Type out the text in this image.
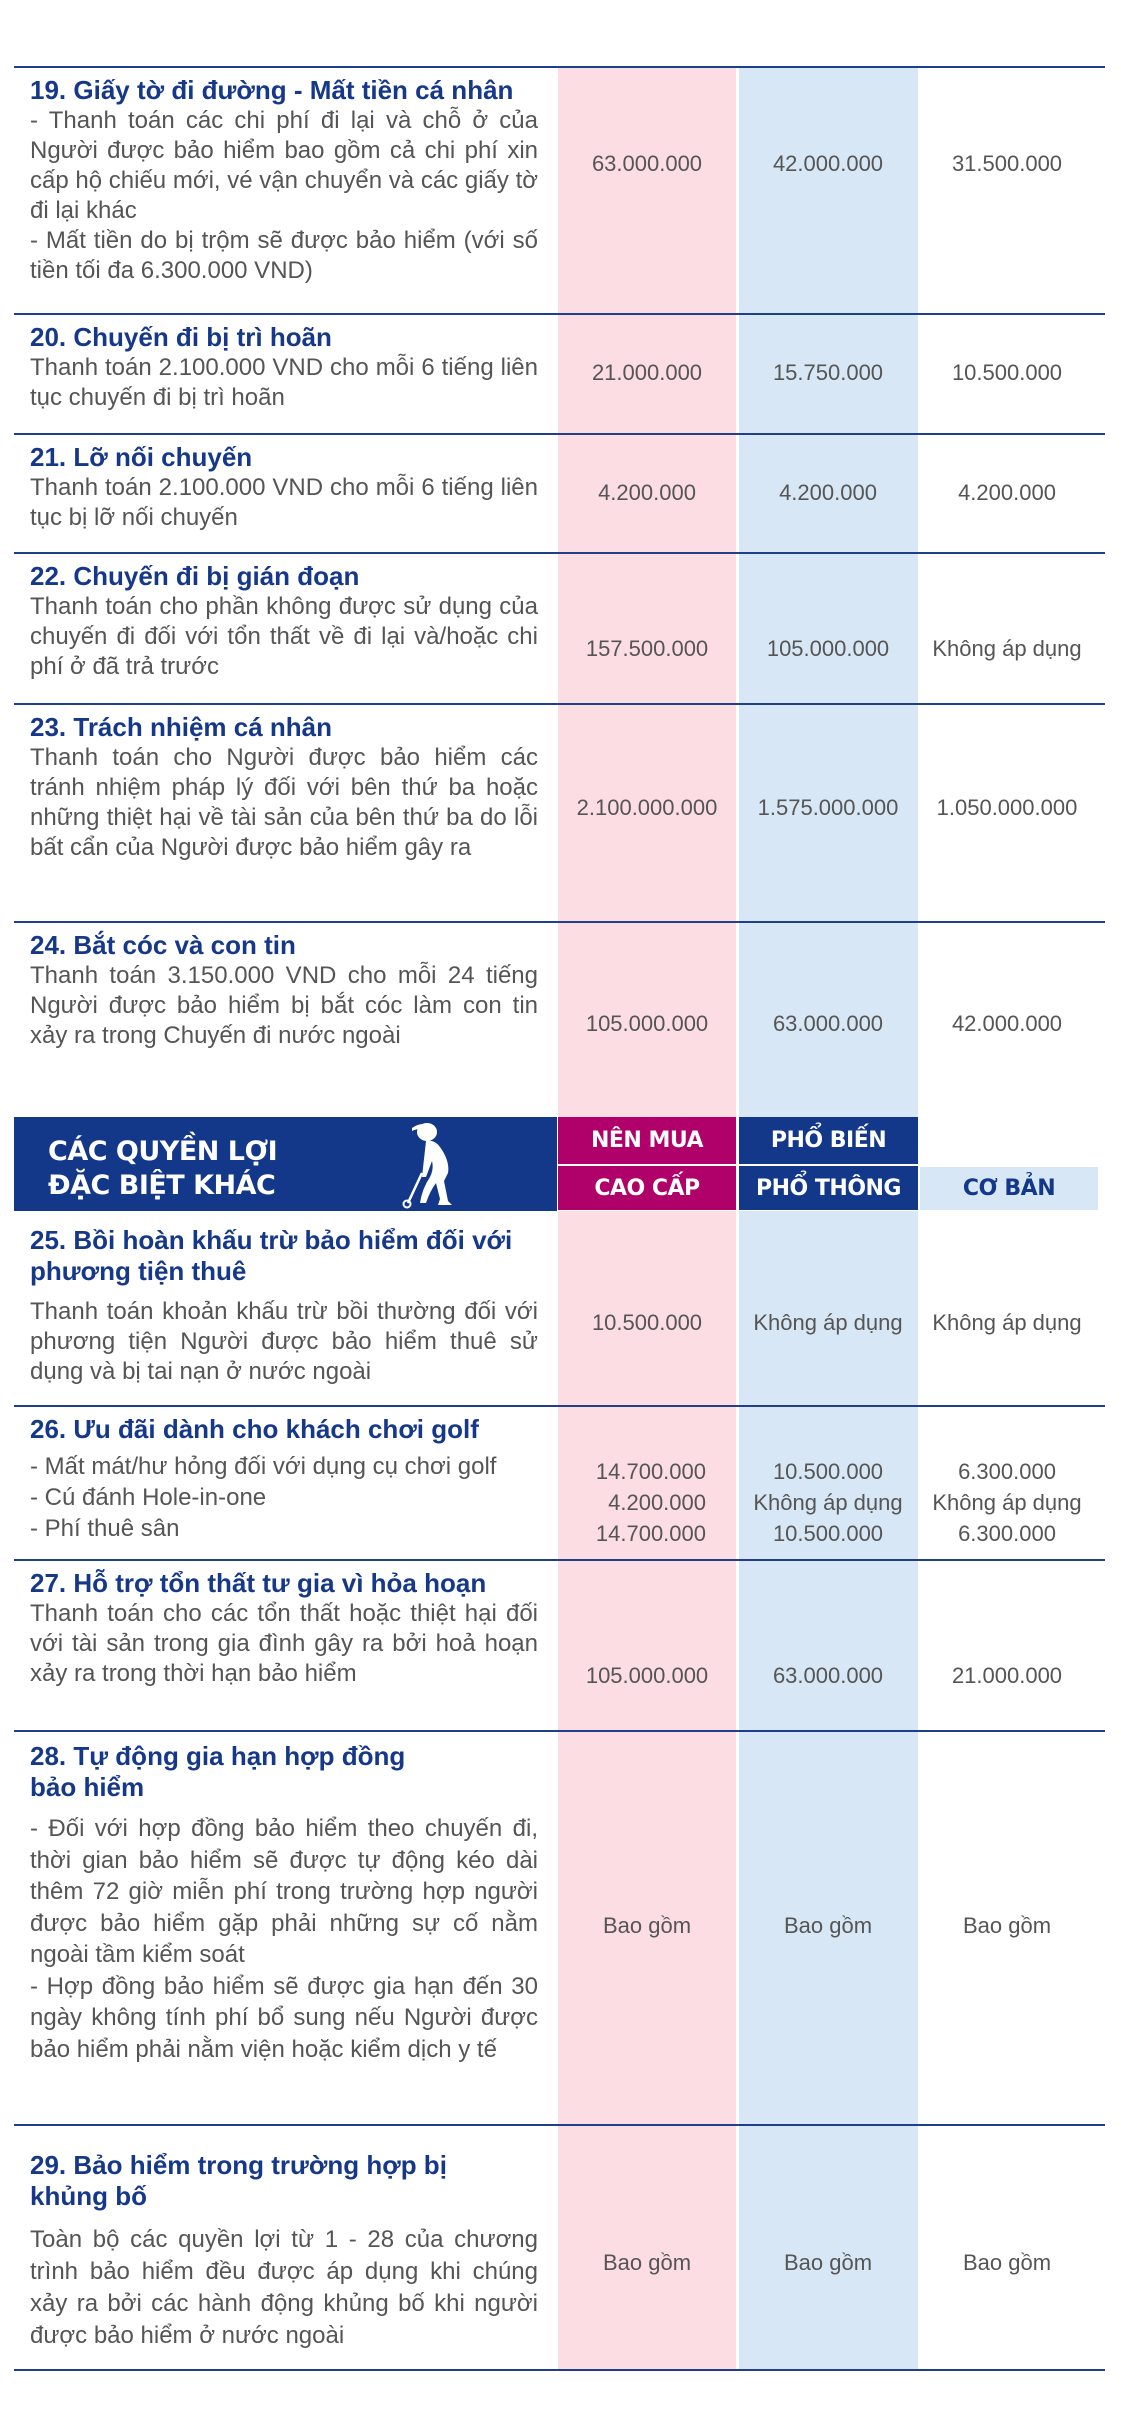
19. Giấy tờ đi đường - Mất tiền cá nhân

- Thanh toán các chi phí đi lại và chỗ ở của Người được bảo hiểm bao gồm cả chi phí xin cấp hộ chiếu mới, vé vận chuyển và các giấy tờ đi lại khác

- Mất tiền do bị trộm sẽ được bảo hiểm (với số tiền tối đa 6.300.000 VND)

63.000.000	42.000.000	31.500.000
20. Chuyến đi bị trì hoãn

Thanh toán 2.100.000 VND cho mỗi 6 tiếng liên tục chuyến đi bị trì hoãn

21.000.000	15.750.000	10.500.000
21. Lỡ nối chuyến

Thanh toán 2.100.000 VND cho mỗi 6 tiếng liên tục bị lỡ nối chuyến

4.200.000	4.200.000	4.200.000
22. Chuyến đi bị gián đoạn

Thanh toán cho phần không được sử dụng của chuyến đi đối với tổn thất về đi lại và/hoặc chi phí ở đã trả trước

157.500.000	105.000.000	Không áp dụng
23. Trách nhiệm cá nhân

Thanh toán cho Người được bảo hiểm các tránh nhiệm pháp lý đối với bên thứ ba hoặc những thiệt hại về tài sản của bên thứ ba do lỗi bất cẩn của Người được bảo hiểm gây ra

2.100.000.000	1.575.000.000	1.050.000.000
24. Bắt cóc và con tin

Thanh toán 3.150.000 VND cho mỗi 24 tiếng Người được bảo hiểm bị bắt cóc làm con tin xảy ra trong Chuyến đi nước ngoài	105.000.000	63.000.000	42.000.000
CÁC QUYỀN LỢI
ĐẶC BIỆT KHÁC
NÊN MUA	PHỔ BIẾN
CAO CẤP	PHỔ THÔNG	CƠ BẢN
25. Bồi hoàn khấu trừ bảo hiểm đối với phương tiện thuê

Thanh toán khoản khấu trừ bồi thường đối với phương tiện Người được bảo hiểm thuê sử dụng và bị tai nạn ở nước ngoài

10.500.000	Không áp dụng	Không áp dụng
26. Ưu đãi dành cho khách chơi golf

- Mất mát/hư hỏng đối với dụng cụ chơi golf

- Cú đánh Hole-in-one

- Phí thuê sân

14.700.000	10.500.000	6.300.000
4.200.000	Không áp dụng	Không áp dụng
14.700.000	10.500.000	6.300.000
27. Hỗ trợ tổn thất tư gia vì hỏa hoạn

Thanh toán cho các tổn thất hoặc thiệt hại đối với tài sản trong gia đình gây ra bởi hoả hoạn xảy ra trong thời hạn bảo hiểm	105.000.000	63.000.000	21.000.000
28. Tự động gia hạn hợp đồng bảo hiểm

- Đối với hợp đồng bảo hiểm theo chuyến đi, thời gian bảo hiểm sẽ được tự động kéo dài thêm 72 giờ miễn phí trong trường hợp người được bảo hiểm gặp phải những sự cố nằm ngoài tầm kiểm soát

- Hợp đồng bảo hiểm sẽ được gia hạn đến 30 ngày không tính phí bổ sung nếu Người được bảo hiểm phải nằm viện hoặc kiểm dịch y tế

Bao gồm	Bao gồm	Bao gồm
29. Bảo hiểm trong trường hợp bị khủng bố

Toàn bộ các quyền lợi từ 1 - 28 của chương trình bảo hiểm đều được áp dụng khi chúng xảy ra bởi các hành động khủng bố khi người được bảo hiểm ở nước ngoài

Bao gồm	Bao gồm	Bao gồm
